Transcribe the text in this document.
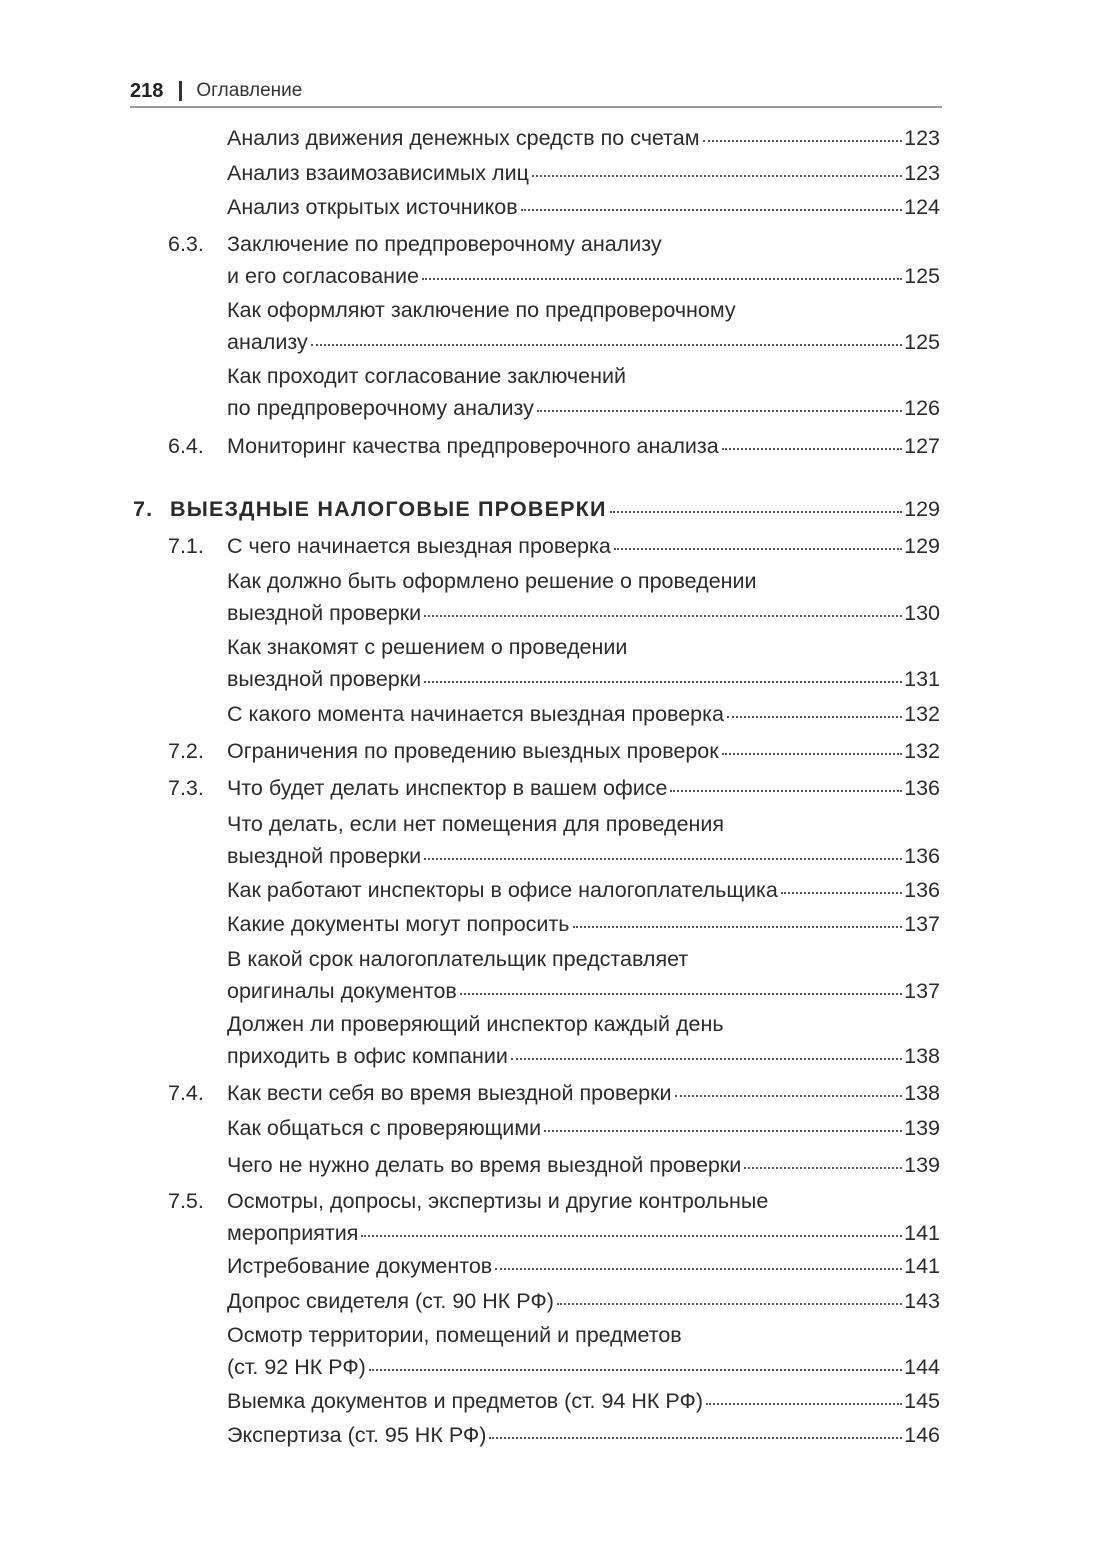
218 Оглавление
Анализ движения денежных средств по счетам	123
Анализ взаимозависимых лиц	123
Анализ открытых источников	124
6.3. Заключение по предпроверочному анализу
и его согласование	125
Как оформляют заключение по предпроверочному
анализу	125
Как проходит согласование заключений
по предпроверочному анализу	126
6.4. Мониторинг качества предпроверочного анализа	127
7. ВЫЕЗДНЫЕ НАЛОГОВЫЕ ПРОВЕРКИ	129
7.1. С чего начинается выездная проверка	129
Как должно быть оформлено решение о проведении
выездной проверки	130
Как знакомят с решением о проведении
выездной проверки	131
С какого момента начинается выездная проверка	132
7.2. Ограничения по проведению выездных проверок	132
7.3. Что будет делать инспектор в вашем офисе	136
Что делать, если нет помещения для проведения
выездной проверки	136
Как работают инспекторы в офисе налогоплательщика	136
Какие документы могут попросить	137
В какой срок налогоплательщик представляет
оригиналы документов	137
Должен ли проверяющий инспектор каждый день
приходить в офис компании	138
7.4. Как вести себя во время выездной проверки	138
Как общаться с проверяющими	139
Чего не нужно делать во время выездной проверки	139
7.5. Осмотры, допросы, экспертизы и другие контрольные
мероприятия	141
Истребование документов	141
Допрос свидетеля (ст. 90 НК РФ)	143
Осмотр территории, помещений и предметов
(ст. 92 НК РФ)	144
Выемка документов и предметов (ст. 94 НК РФ)	145
Экспертиза (ст. 95 НК РФ)	146
